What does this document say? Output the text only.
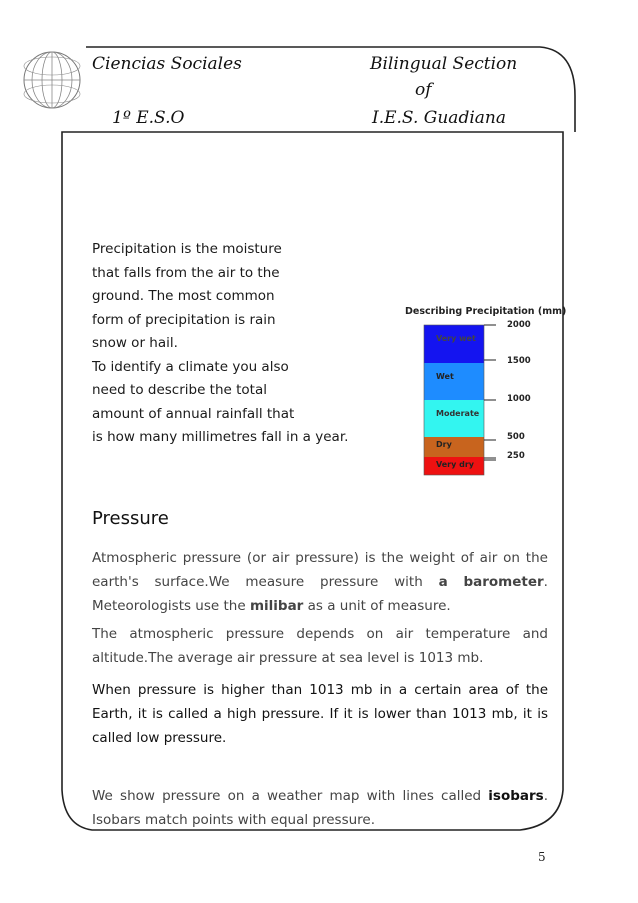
Ciencias Sociales
1º E.S.O
Bilingual Section
of
I.E.S. Guadiana
Precipitation is the moisture
that falls from the air to the
ground. The most common
form of precipitation is rain
snow or hail.
To identify a climate you also
need to describe the total
amount of annual rainfall that
is how many millimetres fall in a year.
Describing Precipitation (mm)
Very wet
Wet
Moderate
Dry
Very dry
2000
1500
1000
500
250
Pressure
Atmospheric pressure (or air pressure) is the weight of air on the
earth's surface.We measure pressure with a barometer.
Meteorologists use the milibar as a unit of measure.
The atmospheric pressure depends on air temperature and altitude.The average air pressure at sea level is 1013 mb.
When pressure is higher than 1013 mb in a certain area of the Earth, it is called a high pressure. If it is lower than 1013 mb, it is called low pressure.
We show pressure on a weather map with lines called isobars. Isobars match points with equal pressure.
5
